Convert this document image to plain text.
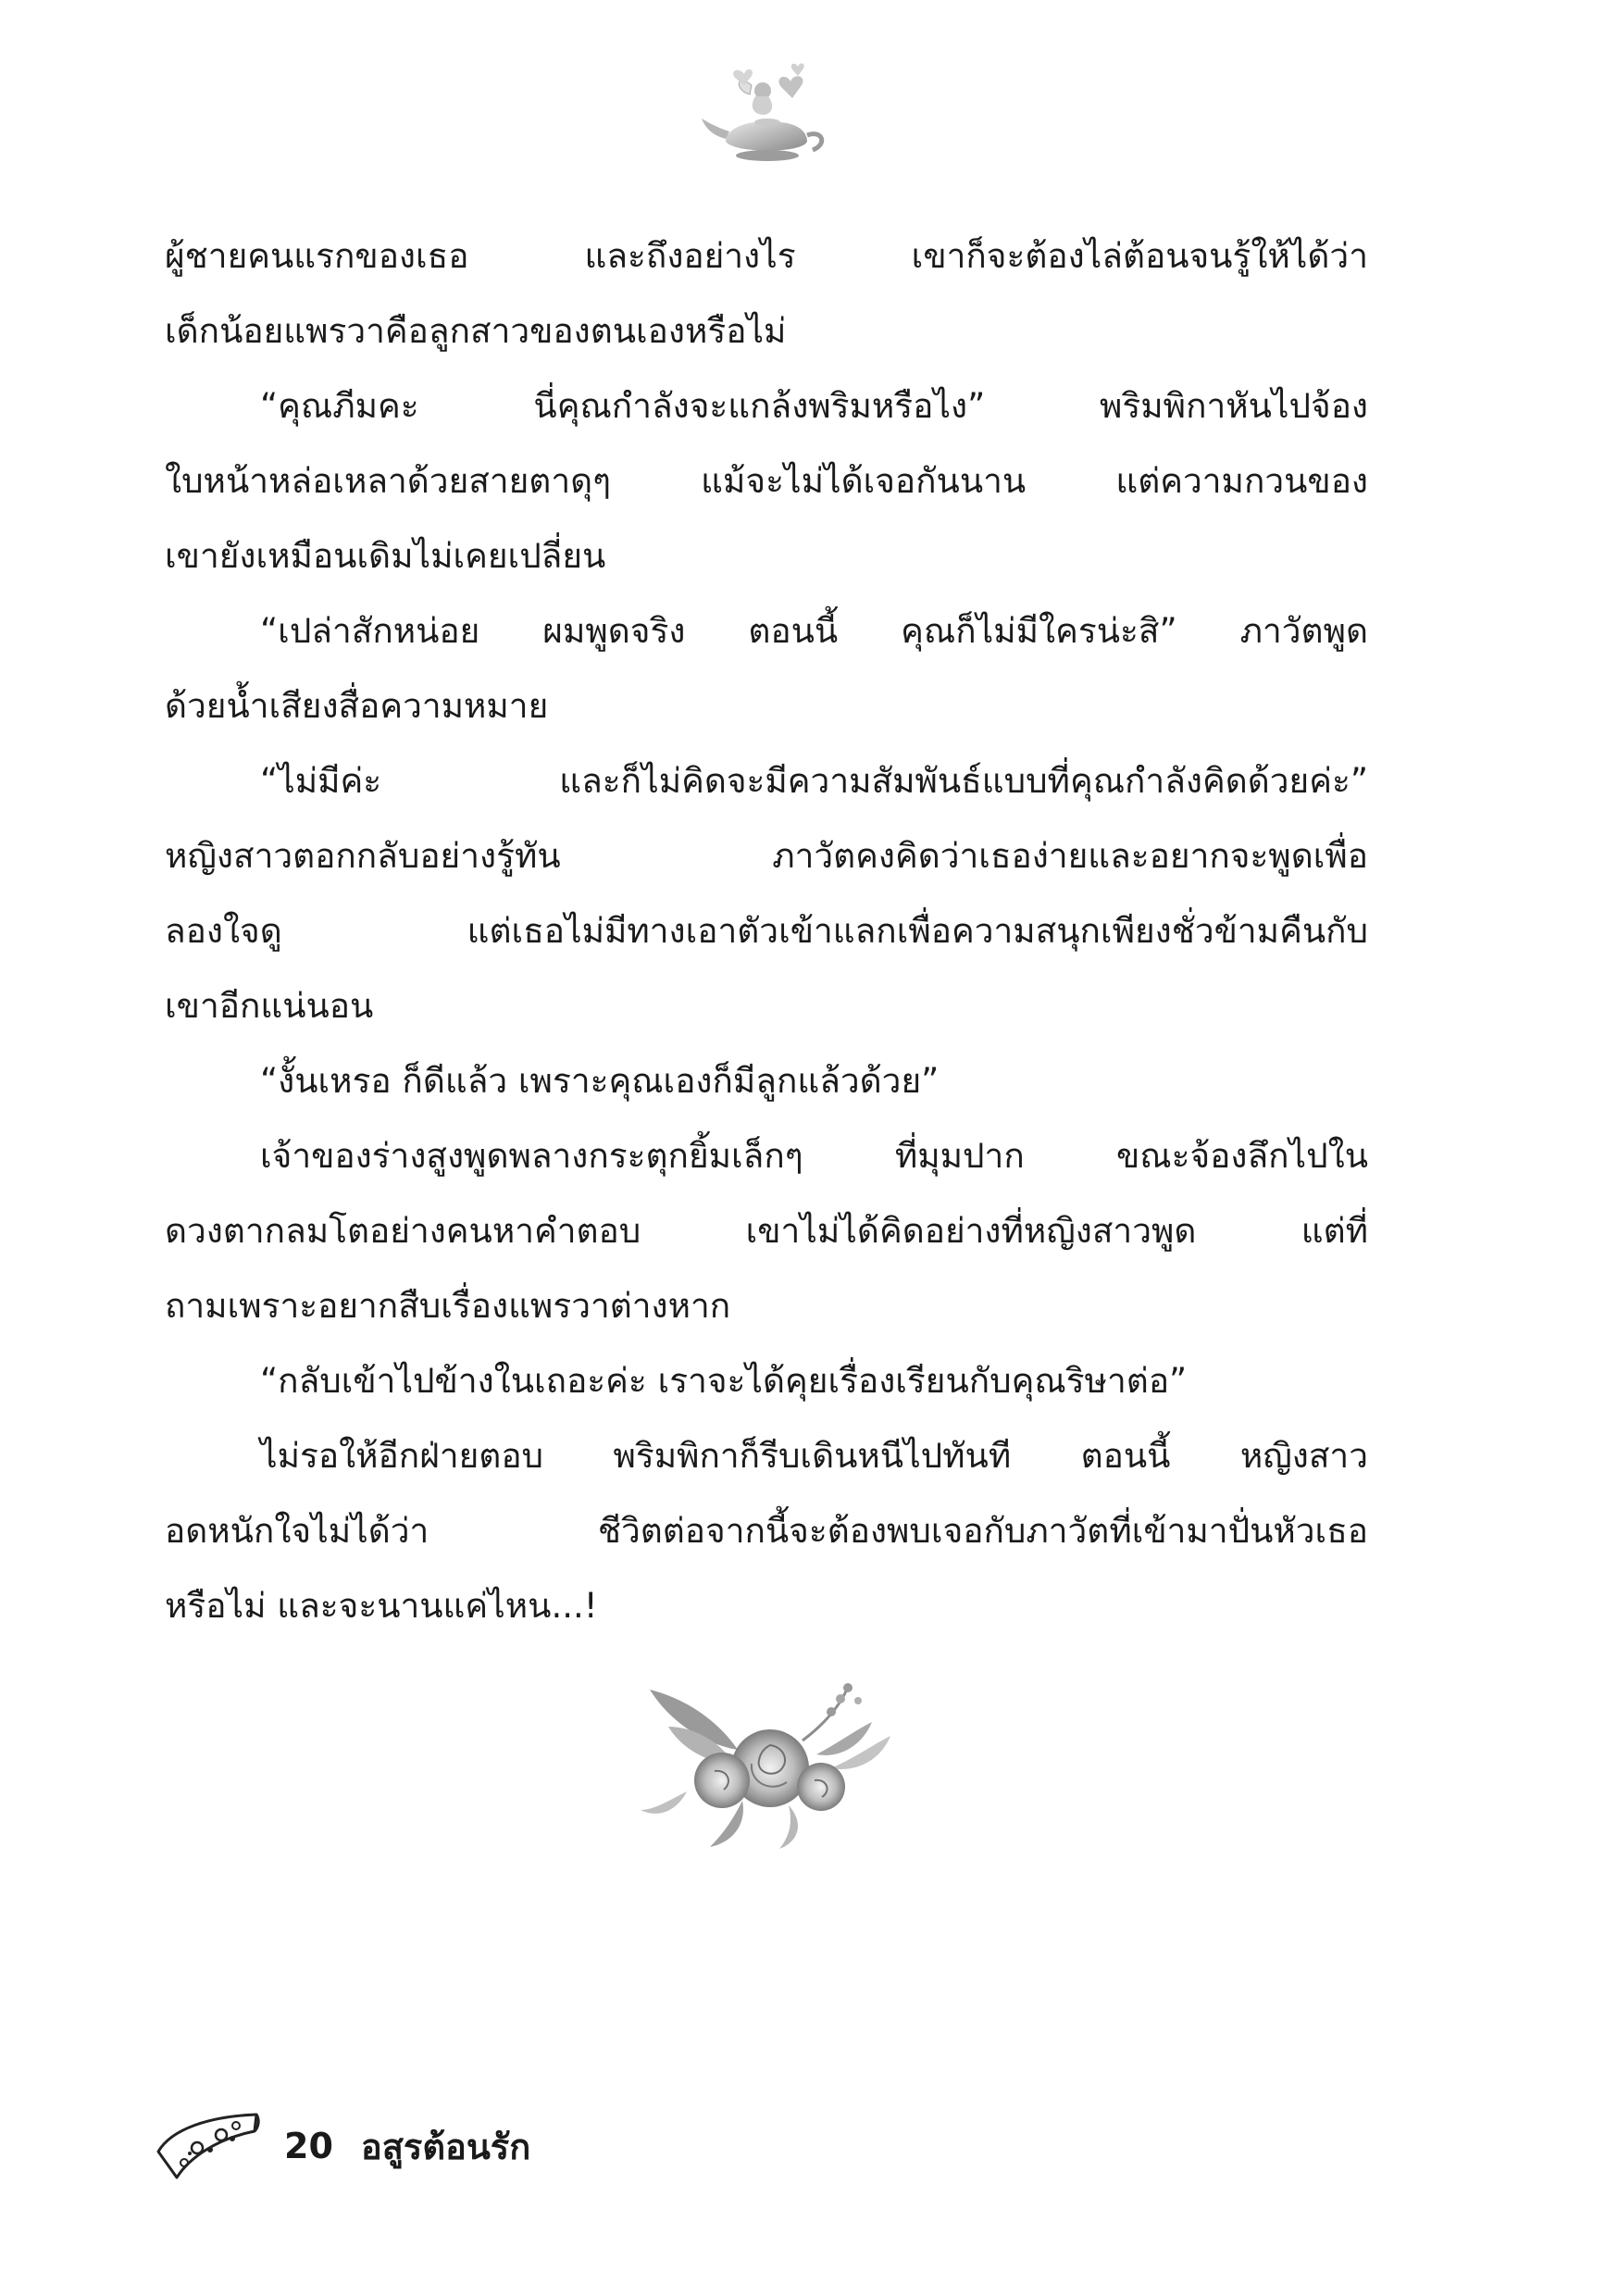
ผู้ชายคนแรกของเธอ และถึงอย่างไร เขาก็จะต้องไล่ต้อนจนรู้ให้ได้ว่า
เด็กน้อยแพรวาคือลูกสาวของตนเองหรือไม่
“คุณภีมคะ นี่คุณกำลังจะแกล้งพริมหรือไง” พริมพิกาหันไปจ้อง
ใบหน้าหล่อเหลาด้วยสายตาดุๆ แม้จะไม่ได้เจอกันนาน แต่ความกวนของ
เขายังเหมือนเดิมไม่เคยเปลี่ยน
“เปล่าสักหน่อย ผมพูดจริง ตอนนี้ คุณก็ไม่มีใครน่ะสิ” ภาวัตพูด
ด้วยน้ำเสียงสื่อความหมาย
“ไม่มีค่ะ และก็ไม่คิดจะมีความสัมพันธ์แบบที่คุณกำลังคิดด้วยค่ะ”
หญิงสาวตอกกลับอย่างรู้ทัน ภาวัตคงคิดว่าเธอง่ายและอยากจะพูดเพื่อ
ลองใจดู แต่เธอไม่มีทางเอาตัวเข้าแลกเพื่อความสนุกเพียงชั่วข้ามคืนกับ
เขาอีกแน่นอน
“งั้นเหรอ ก็ดีแล้ว เพราะคุณเองก็มีลูกแล้วด้วย”
เจ้าของร่างสูงพูดพลางกระตุกยิ้มเล็กๆ ที่มุมปาก ขณะจ้องลึกไปใน
ดวงตากลมโตอย่างคนหาคำตอบ เขาไม่ได้คิดอย่างที่หญิงสาวพูด แต่ที่
ถามเพราะอยากสืบเรื่องแพรวาต่างหาก
“กลับเข้าไปข้างในเถอะค่ะ เราจะได้คุยเรื่องเรียนกับคุณริษาต่อ”
ไม่รอให้อีกฝ่ายตอบ พริมพิกาก็รีบเดินหนีไปทันที ตอนนี้ หญิงสาว
อดหนักใจไม่ได้ว่า ชีวิตต่อจากนี้จะต้องพบเจอกับภาวัตที่เข้ามาปั่นหัวเธอ
หรือไม่ และจะนานแค่ไหน...!
20 อสูรต้อนรัก
